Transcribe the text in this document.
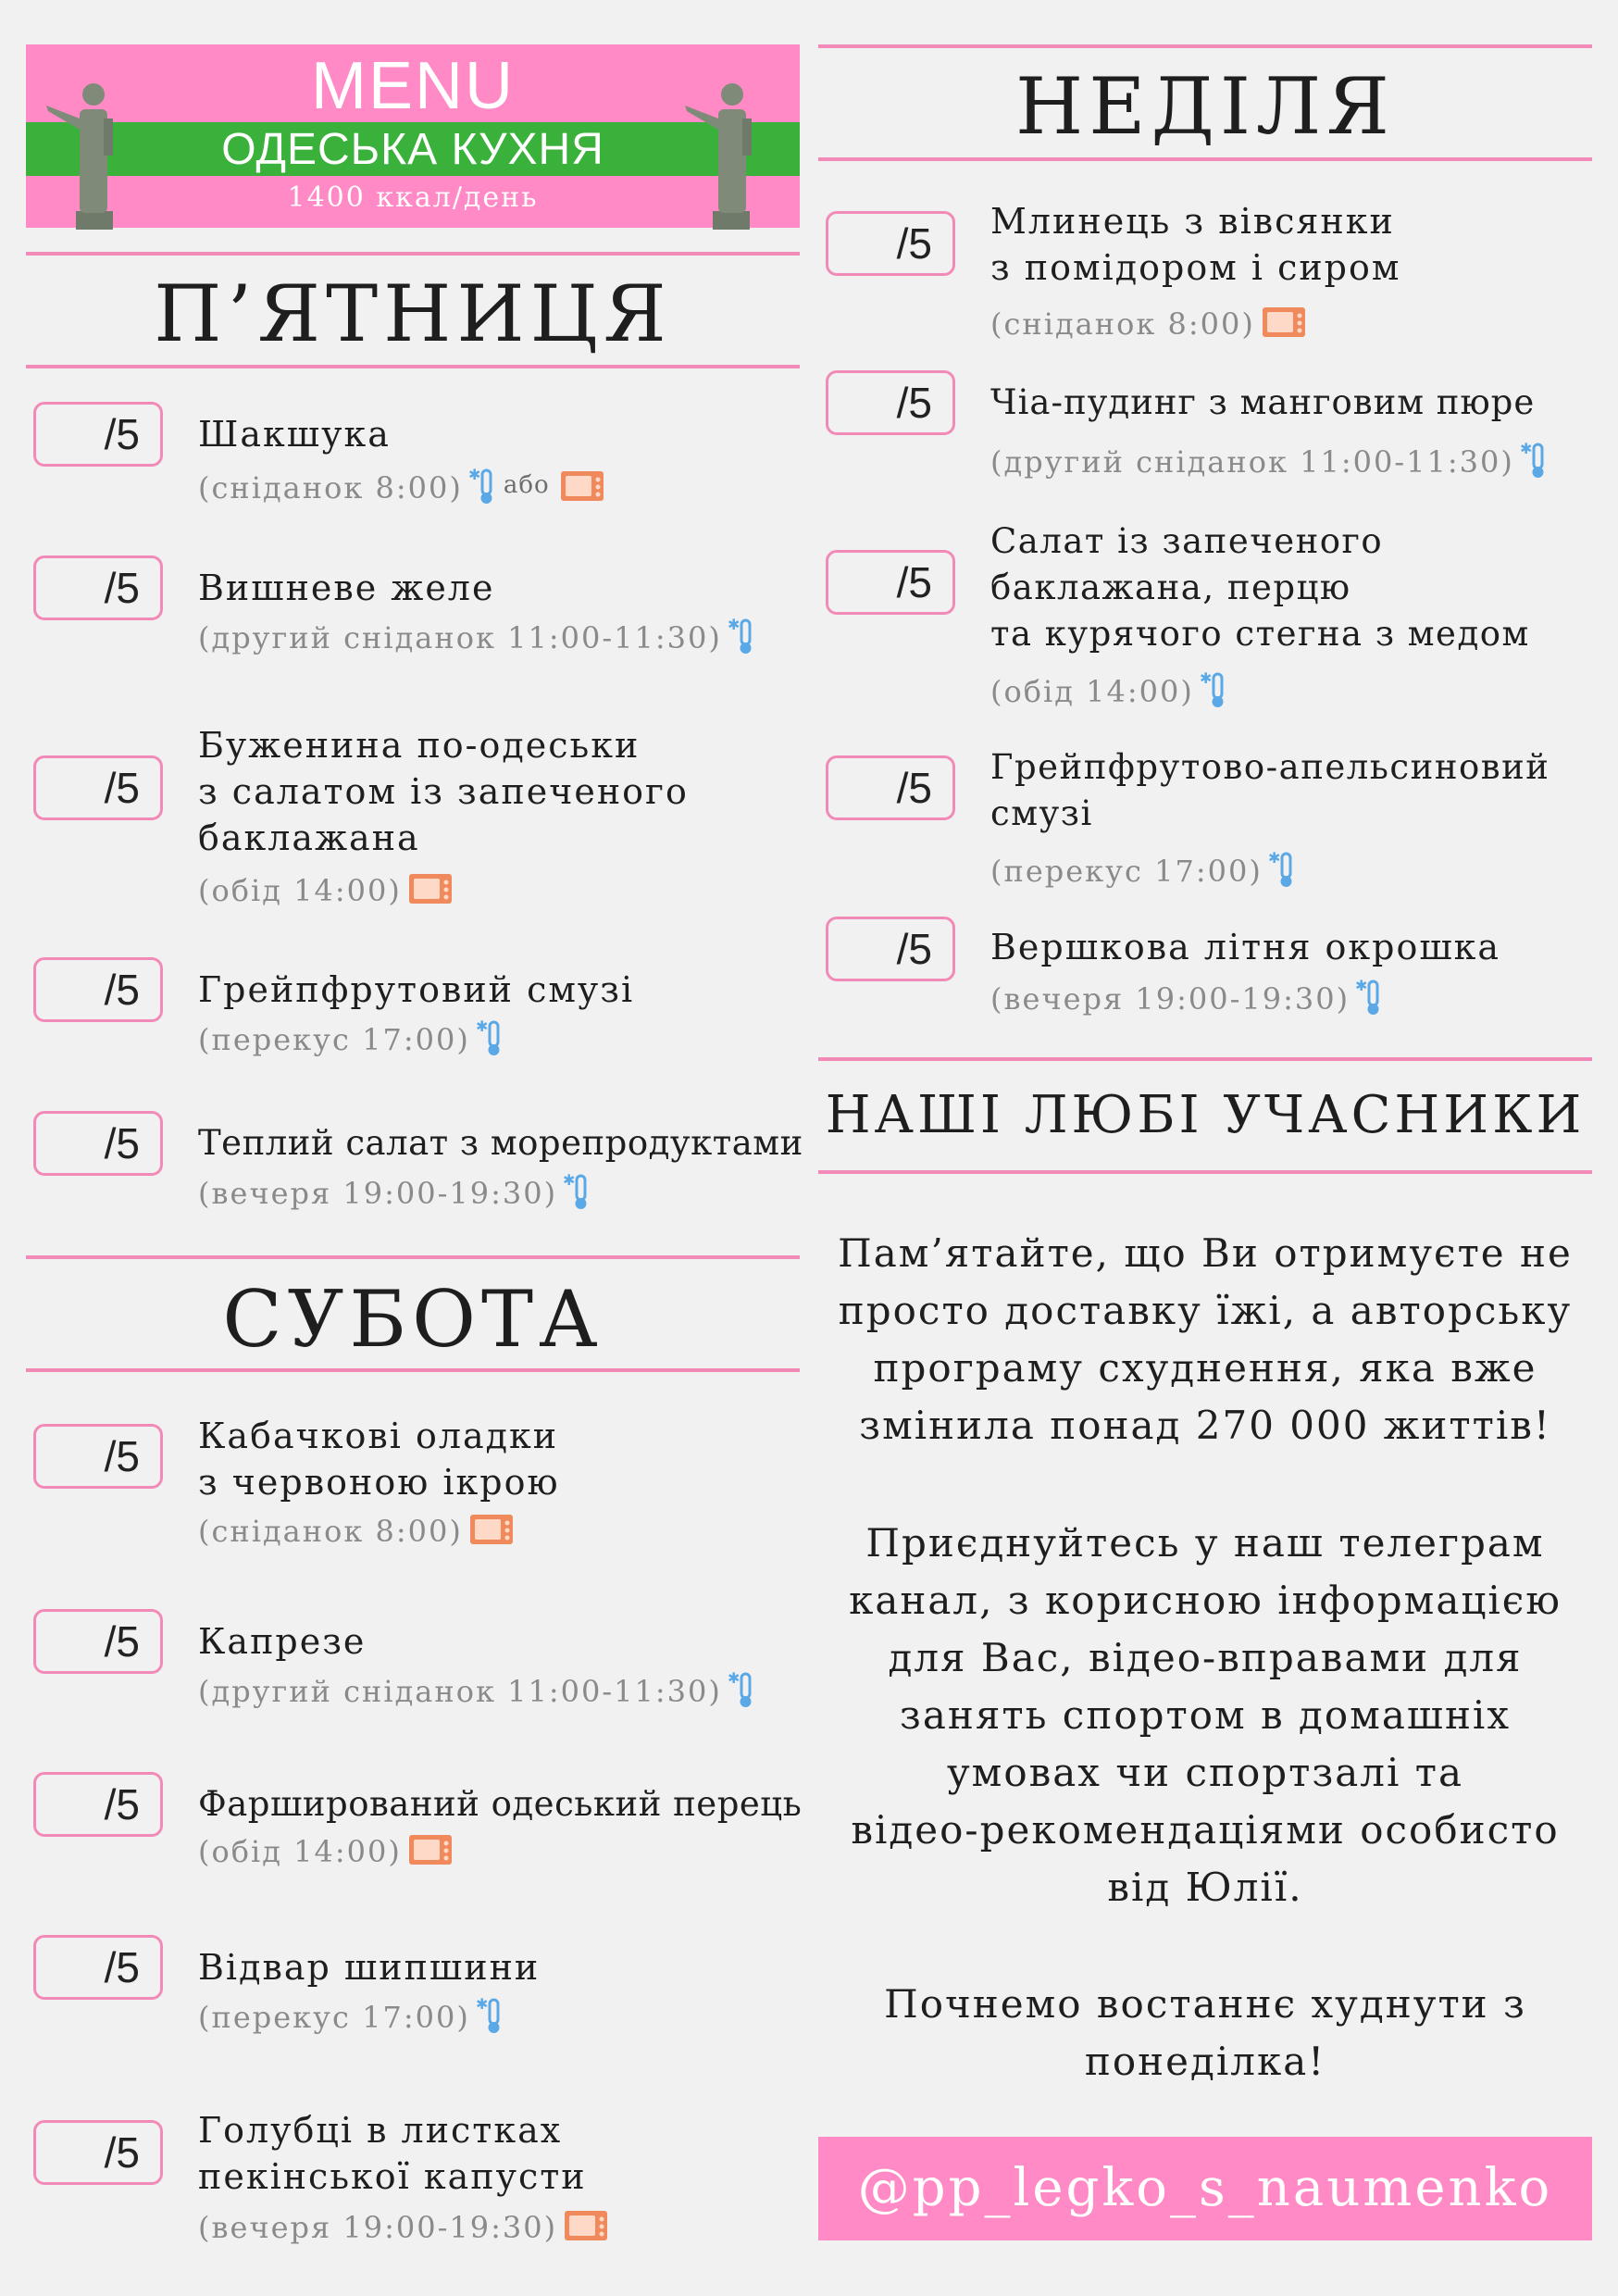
MENU
ОДЕСЬКА КУХНЯ
1400 ккал/день
П’ЯТНИЦЯ
/5	Шакшука
(сніданок 8:00) ✱ $^{або}$
/5	Вишневе желе
(другий сніданок 11:00-11:30) ✱
/5
Буженина по-одеськи
з салатом із запеченого
баклажана
(обід 14:00)
/5	Грейпфрутовий смузі
(перекус 17:00) ✱
/5	Теплий салат з морепродуктами
(вечеря 19:00-19:30) ✱
СУБОТА
/5	Кабачкові оладки
з червоною ікрою
(сніданок 8:00)
/5	Капрезе
(другий сніданок 11:00-11:30) ✱
/5	Фарширований одеський перець
(обід 14:00)
/5	Відвар шипшини
(перекус 17:00) ✱
/5	Голубці в листках
пекінської капусти
(вечеря 19:00-19:30)
НЕДІЛЯ
/5	Млинець з вівсянки
з помідором і сиром
(сніданок 8:00)
/5	Чіа-пудинг з манговим пюре
(другий сніданок 11:00-11:30) ✱
/5
Салат із запеченого
баклажана, перцю
та курячого стегна з медом
(обід 14:00) ✱
/5	Грейпфрутово-апельсиновий
смузі
(перекус 17:00) ✱
/5	Вершкова літня окрошка
(вечеря 19:00-19:30) ✱
НАШІ ЛЮБІ УЧАСНИКИ
Пам’ятайте, що Ви отримуєте не
просто доставку їжі, а авторську
програму схуднення, яка вже
змінила понад 270 000 життів!
Приєднуйтесь у наш телеграм
канал, з корисною інформацією
для Вас, відео-вправами для
занять спортом в домашніх
умовах чи спортзалі та
відео-рекомендаціями особисто
від Юлії.
Почнемо востаннє худнути з
понеділка!
@pp_legko_s_naumenko
